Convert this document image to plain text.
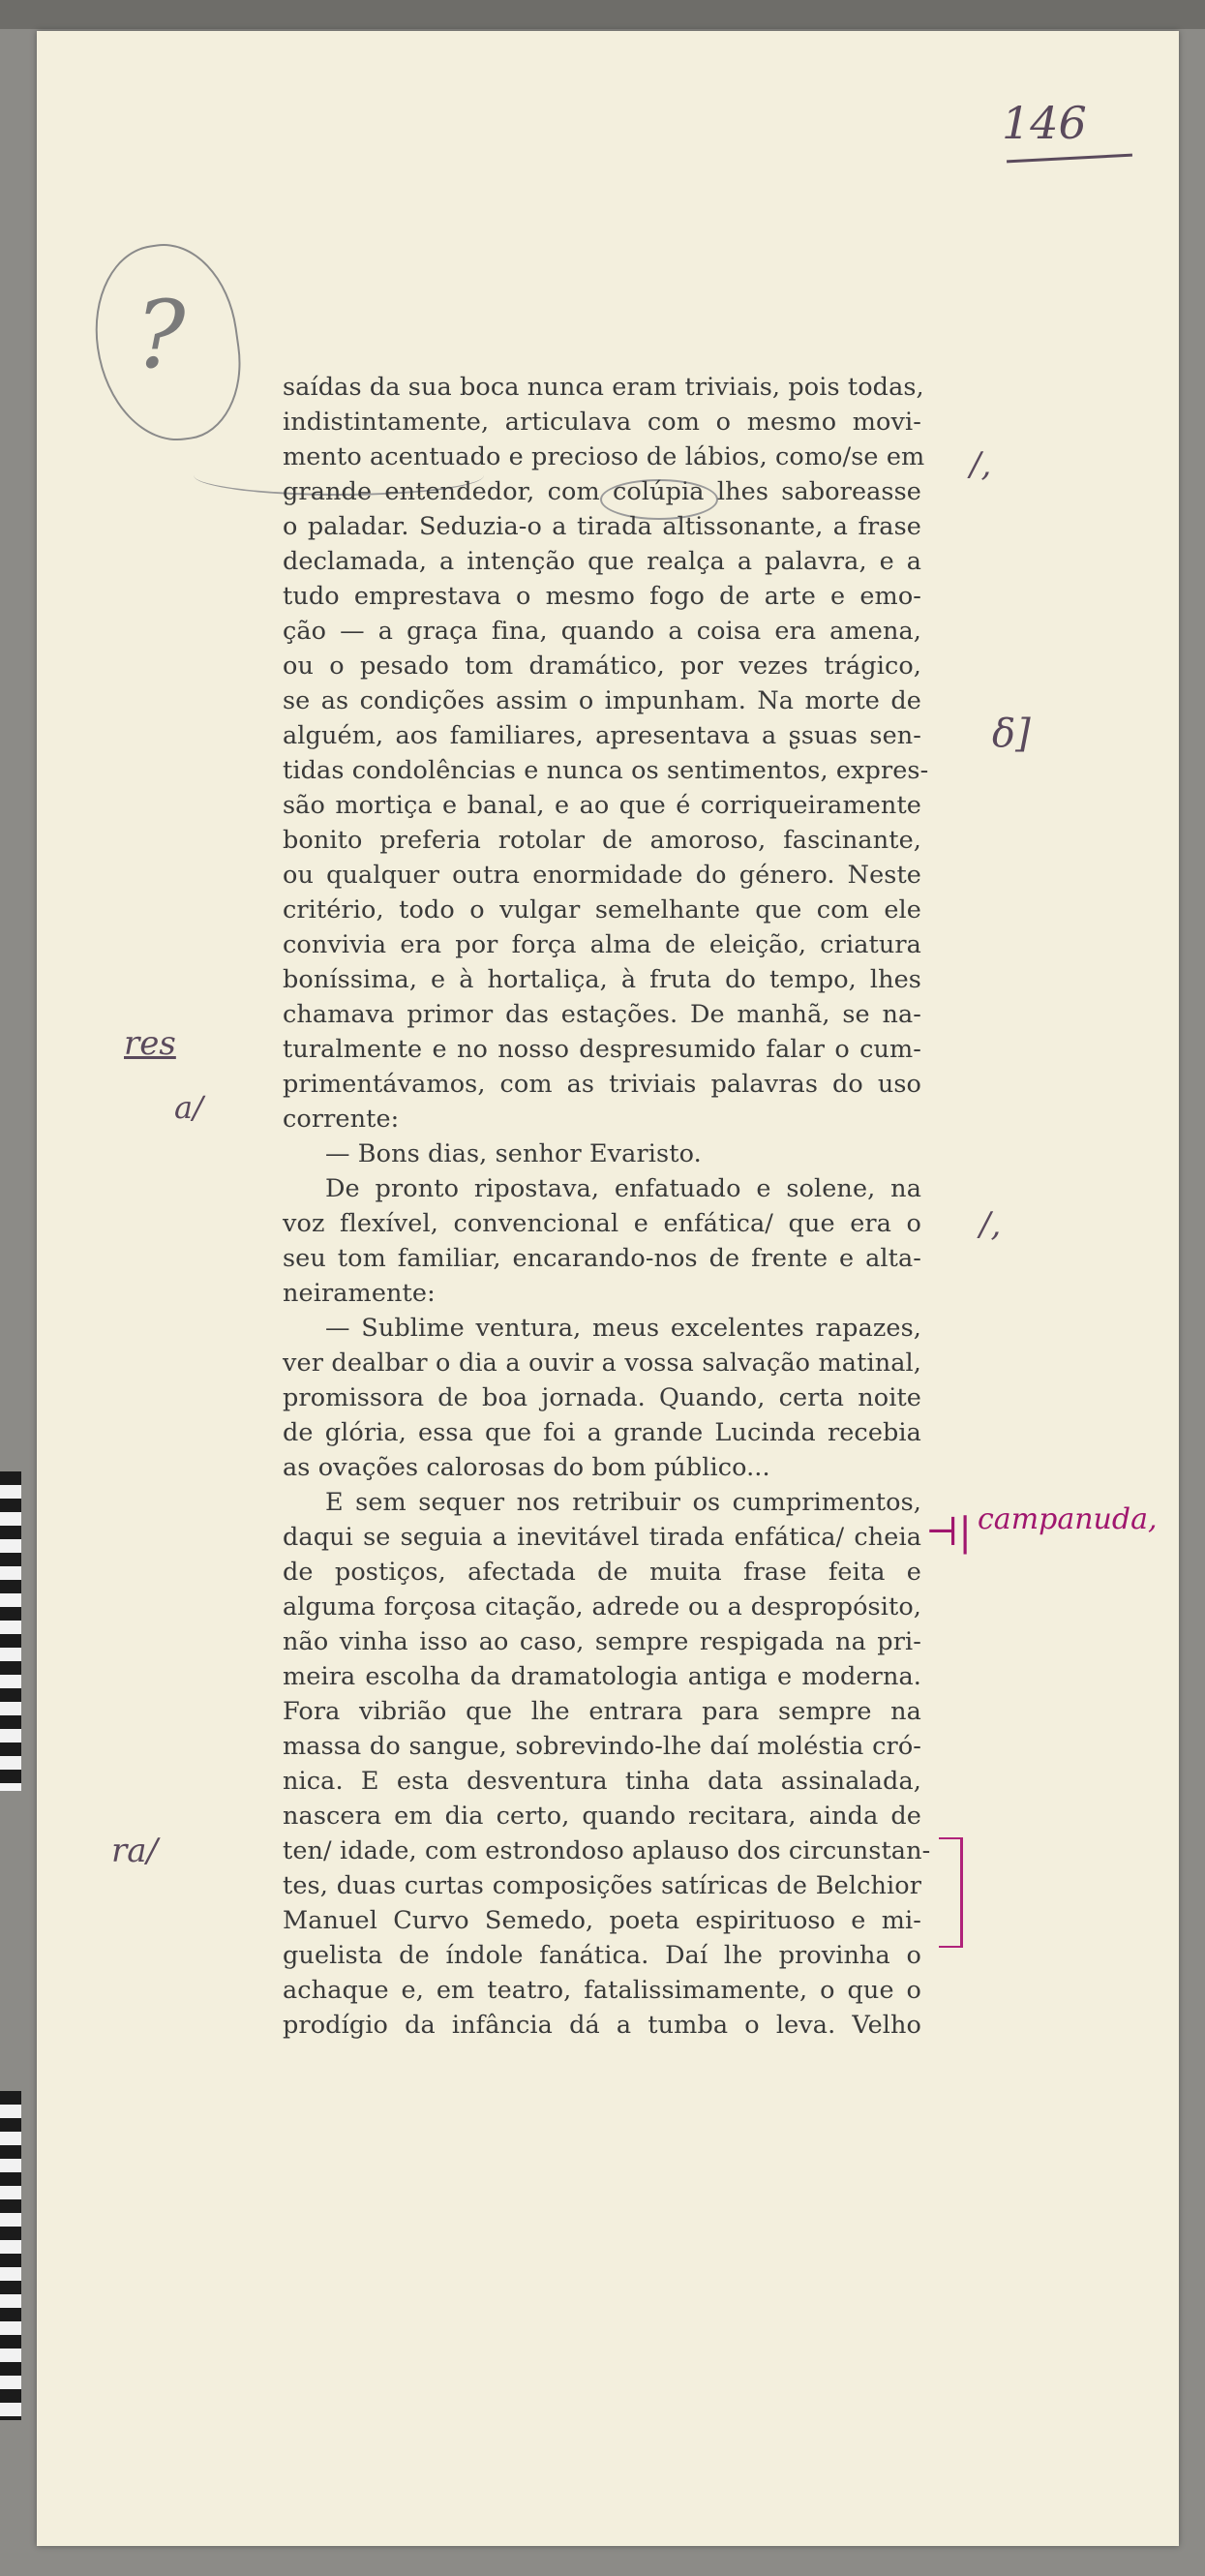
146
?
/,
δ]
res
a/
/,
⊣| campanuda,
ra/
saídas da sua boca nunca eram triviais, pois todas,
indistintamente, articulava com o mesmo movi-
mento acentuado e precioso de lábios, como/se em
grande entendedor, com colúpia lhes saboreasse
o paladar. Seduzia-o a tirada altissonante, a frase
declamada, a intenção que realça a palavra, e a
tudo emprestava o mesmo fogo de arte e emo-
ção — a graça fina, quando a coisa era amena,
ou o pesado tom dramático, por vezes trágico,
se as condições assim o impunham. Na morte de
alguém, aos familiares, apresentava a ʂsuas sen-
tidas condolências e nunca os sentimentos, expres-
são mortiça e banal, e ao que é corriqueiramente
bonito preferia rotolar de amoroso, fascinante,
ou qualquer outra enormidade do género. Neste
critério, todo o vulgar semelhante que com ele
convivia era por força alma de eleição, criatura
boníssima, e à hortaliça, à fruta do tempo, lhes
chamava primor das estações. De manhã, se na-
turalmente e no nosso despresumido falar o cum-
primentávamos, com as triviais palavras do uso
corrente:
— Bons dias, senhor Evaristo.
De pronto ripostava, enfatuado e solene, na
voz flexível, convencional e enfática/ que era o
seu tom familiar, encarando-nos de frente e alta-
neiramente:
— Sublime ventura, meus excelentes rapazes,
ver dealbar o dia a ouvir a vossa salvação matinal,
promissora de boa jornada. Quando, certa noite
de glória, essa que foi a grande Lucinda recebia
as ovações calorosas do bom público...
E sem sequer nos retribuir os cumprimentos,
daqui se seguia a inevitável tirada enfática/ cheia
de postiços, afectada de muita frase feita e
alguma forçosa citação, adrede ou a despropósito,
não vinha isso ao caso, sempre respigada na pri-
meira escolha da dramatologia antiga e moderna.
Fora vibrião que lhe entrara para sempre na
massa do sangue, sobrevindo-lhe daí moléstia cró-
nica. E esta desventura tinha data assinalada,
nascera em dia certo, quando recitara, ainda de
ten/ idade, com estrondoso aplauso dos circunstan-
tes, duas curtas composições satíricas de Belchior
Manuel Curvo Semedo, poeta espirituoso e mi-
guelista de índole fanática. Daí lhe provinha o
achaque e, em teatro, fatalissimamente, o que o
prodígio da infância dá a tumba o leva. Velho
